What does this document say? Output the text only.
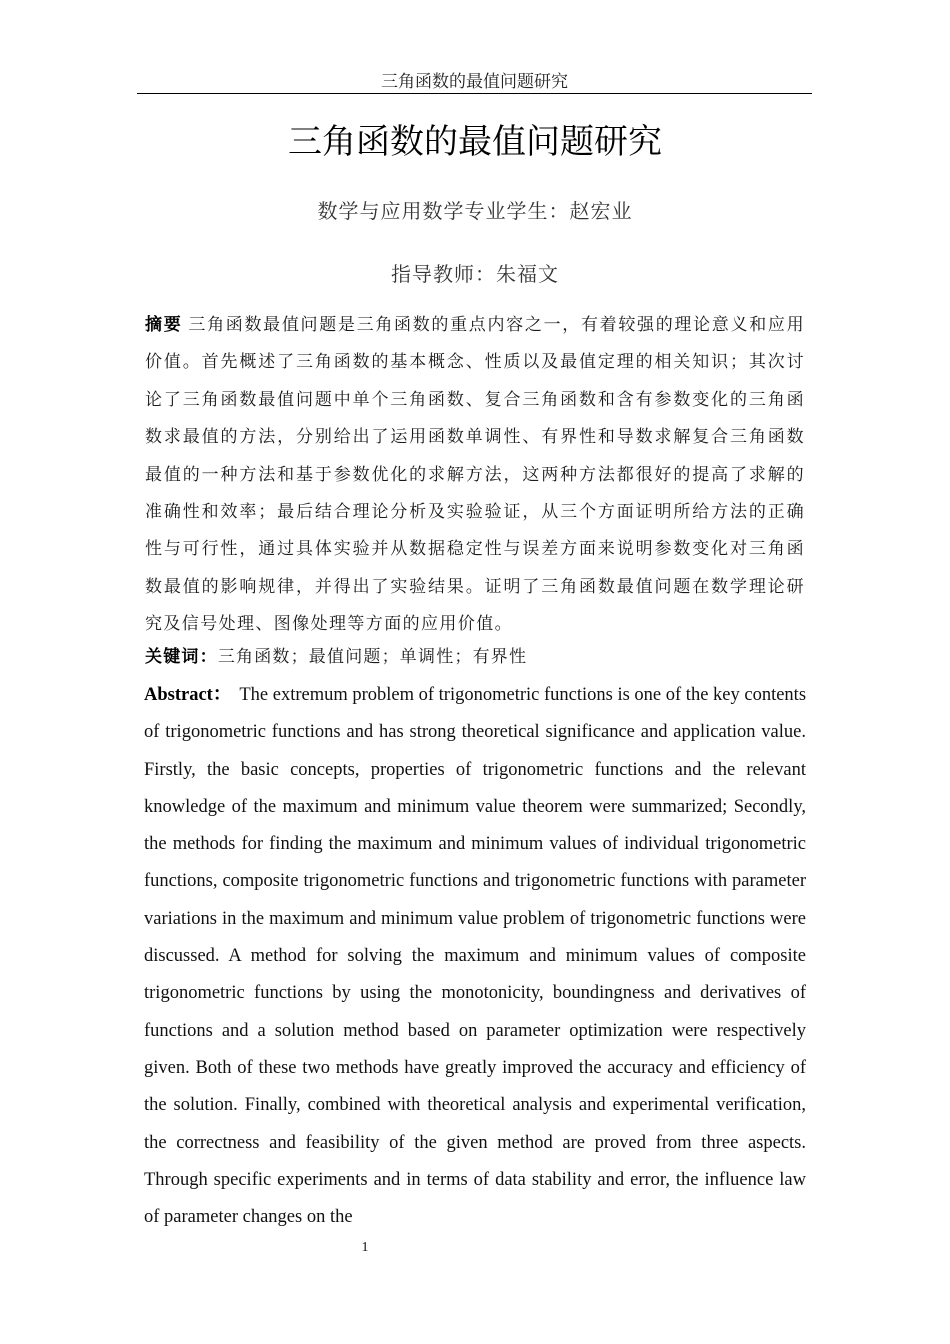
三角函数的最值问题研究
三角函数的最值问题研究
数学与应用数学专业学生：赵宏业
指导教师：朱福文
摘要 三角函数最值问题是三角函数的重点内容之一，有着较强的理论意义和应用价值。首先概述了三角函数的基本概念、性质以及最值定理的相关知识；其次讨论了三角函数最值问题中单个三角函数、复合三角函数和含有参数变化的三角函数求最值的方法，分别给出了运用函数单调性、有界性和导数求解复合三角函数最值的一种方法和基于参数优化的求解方法，这两种方法都很好的提高了求解的准确性和效率；最后结合理论分析及实验验证，从三个方面证明所给方法的正确性与可行性，通过具体实验并从数据稳定性与误差方面来说明参数变化对三角函数最值的影响规律，并得出了实验结果。证明了三角函数最值问题在数学理论研究及信号处理、图像处理等方面的应用价值。
关键词：三角函数；最值问题；单调性；有界性
Abstract： The extremum problem of trigonometric functions is one of the key contents of trigonometric functions and has strong theoretical significance and application value. Firstly, the basic concepts, properties of trigonometric functions and the relevant knowledge of the maximum and minimum value theorem were summarized; Secondly, the methods for finding the maximum and minimum values of individual trigonometric functions, composite trigonometric functions and trigonometric functions with parameter variations in the maximum and minimum value problem of trigonometric functions were discussed. A method for solving the maximum and minimum values of composite trigonometric functions by using the monotonicity, boundingness and derivatives of functions and a solution method based on parameter optimization were respectively given. Both of these two methods have greatly improved the accuracy and efficiency of the solution. Finally, combined with theoretical analysis and experimental verification, the correctness and feasibility of the given method are proved from three aspects. Through specific experiments and in terms of data stability and error, the influence law of parameter changes on the
1
